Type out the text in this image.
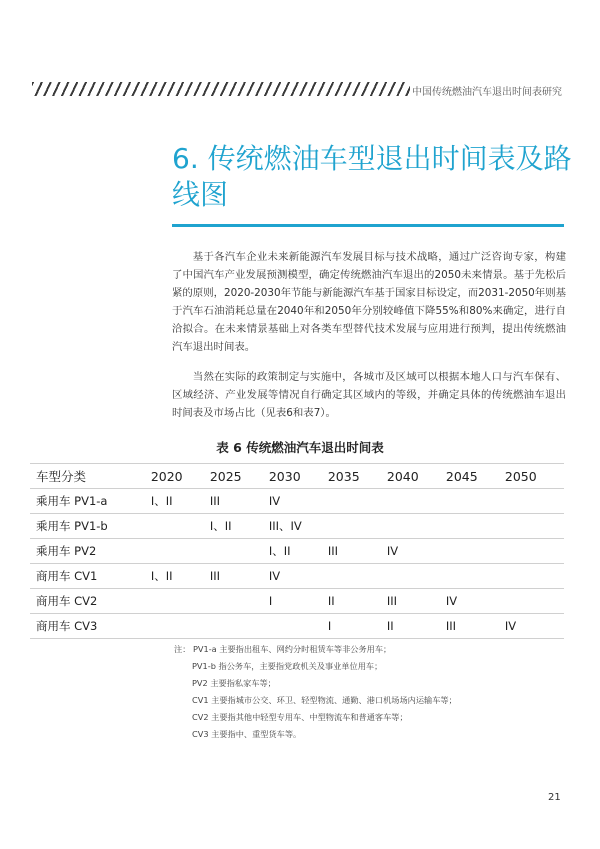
中国传统燃油汽车退出时间表研究
6. 传统燃油车型退出时间表及路线图

基于各汽车企业未来新能源汽车发展目标与技术战略，通过广泛咨询专家，构建了中国汽车产业发展预测模型，确定传统燃油汽车退出的2050未来情景。基于先松后紧的原则，2020-2030年节能与新能源汽车基于国家目标设定，而2031-2050年则基于汽车石油消耗总量在2040年和2050年分别较峰值下降55%和80%来确定，进行自洽拟合。在未来情景基础上对各类车型替代技术发展与应用进行预判，提出传统燃油汽车退出时间表。

当然在实际的政策制定与实施中，各城市及区域可以根据本地人口与汽车保有、区域经济、产业发展等情况自行确定其区域内的等级，并确定具体的传统燃油车退出时间表及市场占比（见表6和表7）。

表 6 传统燃油汽车退出时间表
车型分类	2020	2025	2030	2035	2040	2045	2050
乘用车 PV1-a	I、II	III	IV				
乘用车 PV1-b		I、II	III、IV				
乘用车 PV2			I、II	III	IV		
商用车 CV1	I、II	III	IV				
商用车 CV2			I	II	III	IV	
商用车 CV3				I	II	III	IV
注： PV1-a 主要指出租车、网约分时租赁车等非公务用车；
PV1-b 指公务车，主要指党政机关及事业单位用车；
PV2 主要指私家车等；
CV1 主要指城市公交、环卫、轻型物流、通勤、港口机场场内运输车等；
CV2 主要指其他中轻型专用车、中型物流车和普通客车等；
CV3 主要指中、重型货车等。
21
